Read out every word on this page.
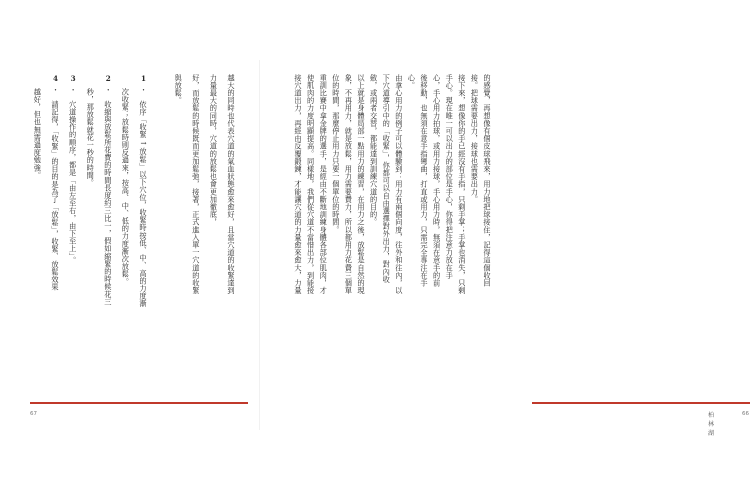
越大的同時也代表穴道的氣血狀態愈來愈好，且當穴道的收緊達到
力量最大的同時，穴道的放鬆也會更加徹底，
好，而放鬆的時候既而更加鬆弛，接著，正式進入單一穴道的收緊
與放鬆。
1.　依序「收緊→放鬆」以下穴位，收緊時按低、中、高的力度漸
次收緊；放鬆時則反過來，按高、中、低的力度漸次放鬆。
2.　收縮與放鬆所花費的時間長度約三比一，假如縮緊的時候花三
秒，那放鬆就花一秒的時間。
3.　穴道操作的順序，都是「由左至右，由下至上」。
4.　請記得，「收緊」的目的是為了「放鬆」，收緊、放鬆效果
越好，但也無需過度勉強。
67
的感覺，再想像有個皮球飛來，用力地把球接住，記得這個收回
接。把球需要出力，接球也需要出力。
接下來，想像你的手已經沒有手指，只剩手掌；手掌也消失，只剩
手心。現在唯一可以出力的部位是手心，你得把注意力放在手
心，手心用力拍球，或用力接球，手心用力時，無須在意手的前
後移動，也無須在意手指彎曲，打直或用力，只需完全專注在手
心。
由拿心用力的例子可以體驗到：用力有兩個向度，往外和往內，以
下穴道導引中的「收緊」，你都可以自由選擇對外出力，對內收
斂，或兩者交替，都能達到訓練穴道的目的。
以上就是身體局部一點用力的練習，在用力之後，放鬆是自然的現
象，不再用力，就是放鬆，用力需要費力，所以都用力花費三個單
位的時間，那麼停止用力只要一個單位的時間。
重訓比賽中拿金牌的選手，是經由不斷地訓練身體各部位肌肉，才
使肌肉的力度明顯提高。同樣地，我們從穴道不當惜出力，到能接
接穴道出力，再經由反覆鍛鍊，才能讓穴道的力量愈來愈大，力量
柏林湖
66
